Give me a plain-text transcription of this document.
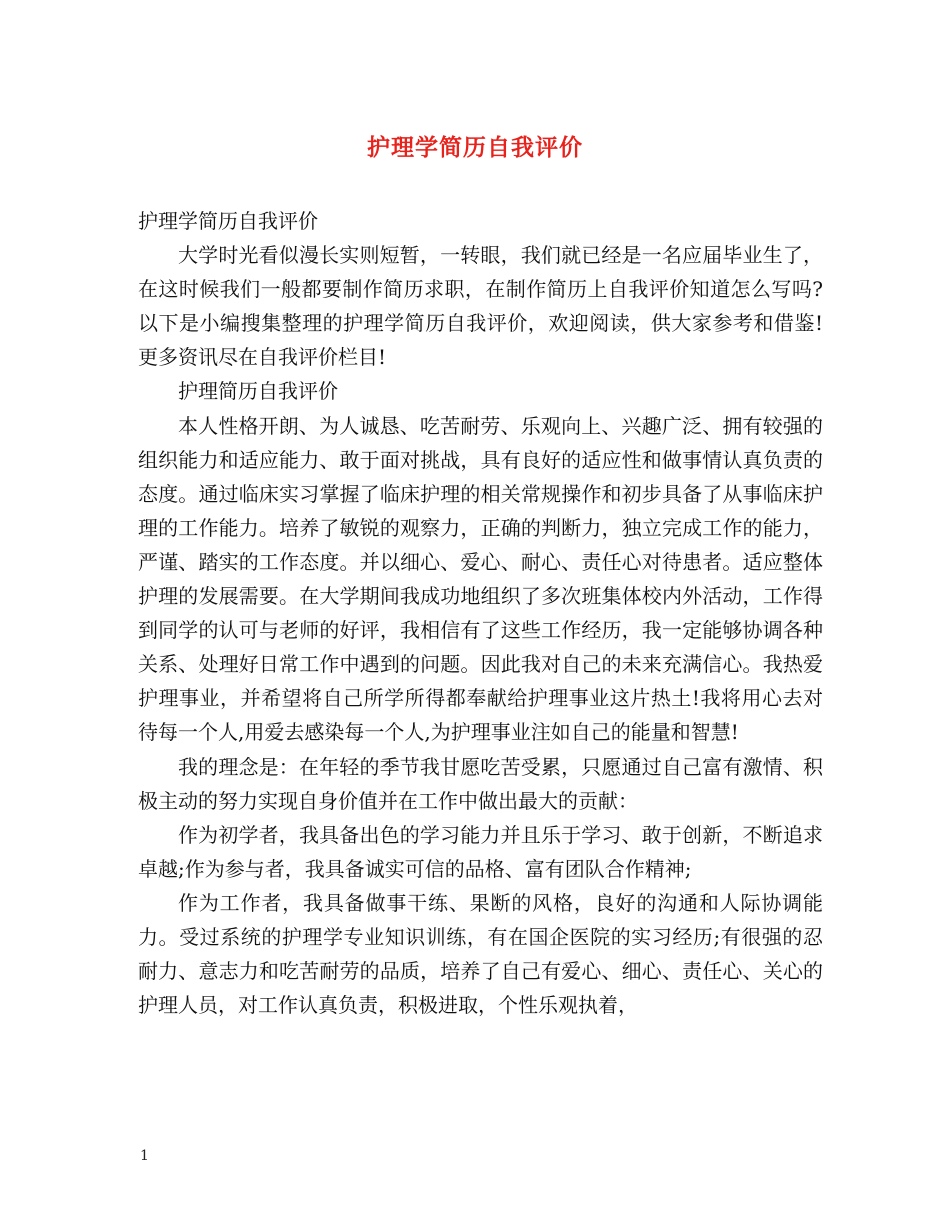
护理学简历自我评价

护理学简历自我评价

大学时光看似漫长实则短暂，一转眼，我们就已经是一名应届毕业生了，在这时候我们一般都要制作简历求职，在制作简历上自我评价知道怎么写吗?以下是小编搜集整理的护理学简历自我评价，欢迎阅读，供大家参考和借鉴!更多资讯尽在自我评价栏目!

护理简历自我评价

本人性格开朗、为人诚恳、吃苦耐劳、乐观向上、兴趣广泛、拥有较强的组织能力和适应能力、敢于面对挑战，具有良好的适应性和做事情认真负责的态度。通过临床实习掌握了临床护理的相关常规操作和初步具备了从事临床护理的工作能力。培养了敏锐的观察力，正确的判断力，独立完成工作的能力，严谨、踏实的工作态度。并以细心、爱心、耐心、责任心对待患者。适应整体护理的发展需要。在大学期间我成功地组织了多次班集体校内外活动，工作得到同学的认可与老师的好评，我相信有了这些工作经历，我一定能够协调各种关系、处理好日常工作中遇到的问题。因此我对自己的未来充满信心。我热爱护理事业，并希望将自己所学所得都奉献给护理事业这片热土!我将用心去对待每一个人,用爱去感染每一个人,为护理事业注如自己的能量和智慧!

我的理念是：在年轻的季节我甘愿吃苦受累，只愿通过自己富有激情、积极主动的努力实现自身价值并在工作中做出最大的贡献：

作为初学者，我具备出色的学习能力并且乐于学习、敢于创新，不断追求卓越;作为参与者，我具备诚实可信的品格、富有团队合作精神;

作为工作者，我具备做事干练、果断的风格，良好的沟通和人际协调能力。受过系统的护理学专业知识训练，有在国企医院的实习经历;有很强的忍耐力、意志力和吃苦耐劳的品质，培养了自己有爱心、细心、责任心、关心的护理人员，对工作认真负责，积极进取，个性乐观执着，

1
